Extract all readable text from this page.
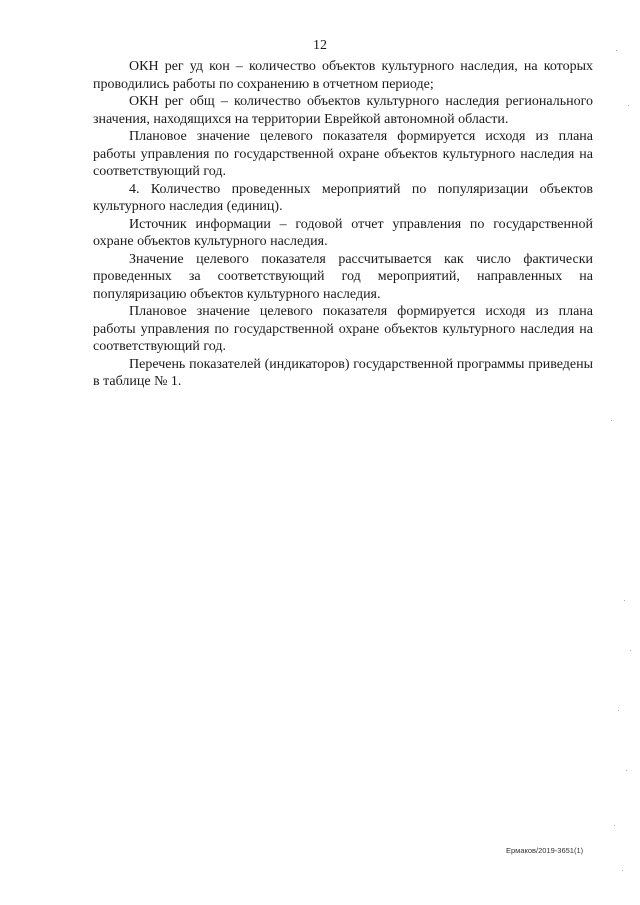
12

ОКН рег уд кон – количество объектов культурного наследия, на которых проводились работы по сохранению в отчетном периоде;

ОКН рег общ – количество объектов культурного наследия регионального значения, находящихся на территории Еврейкой автономной области.

Плановое значение целевого показателя формируется исходя из плана работы управления по государственной охране объектов культурного наследия на соответствующий год.

4. Количество проведенных мероприятий по популяризации объектов культурного наследия (единиц).

Источник информации – годовой отчет управления по государственной охране объектов культурного наследия.

Значение целевого показателя рассчитывается как число фактически проведенных за соответствующий год мероприятий, направленных на популяризацию объектов культурного наследия.

Плановое значение целевого показателя формируется исходя из плана работы управления по государственной охране объектов культурного наследия на соответствующий год.

Перечень показателей (индикаторов) государственной программы приведены в таблице № 1.

Ермаков/2019-3651(1)
